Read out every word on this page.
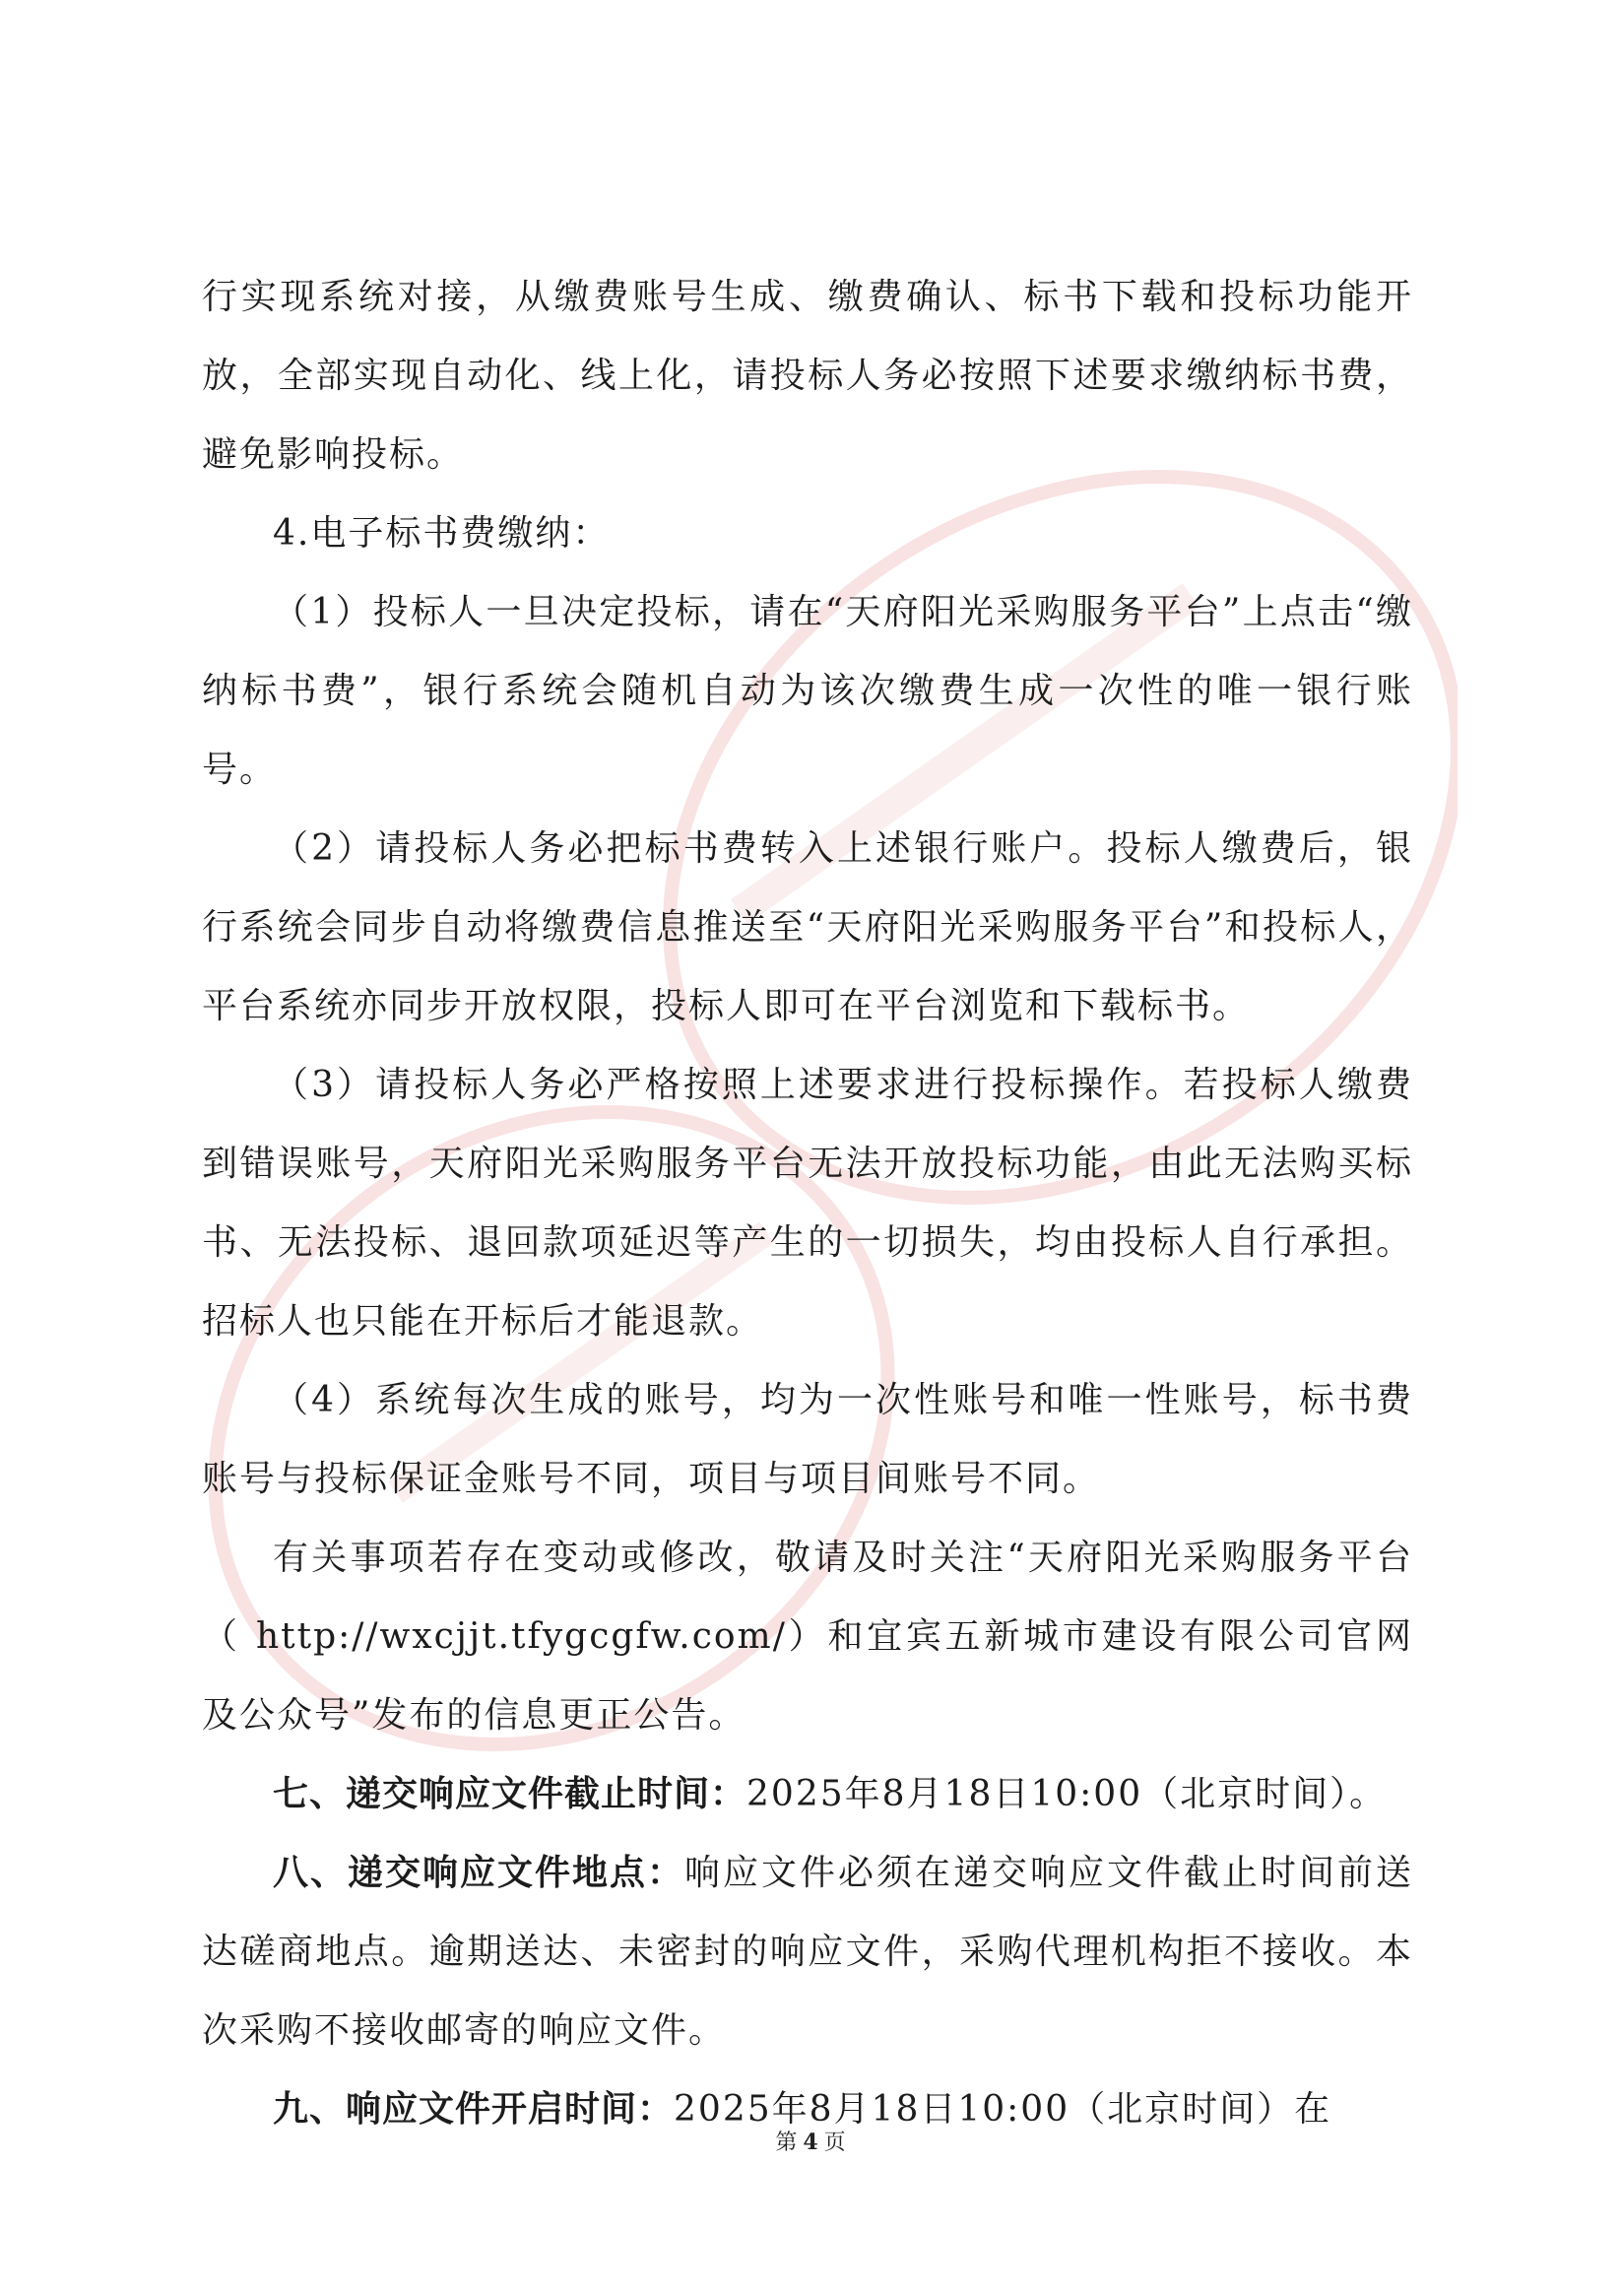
行实现系统对接，从缴费账号生成、缴费确认、标书下载和投标功能开放，全部实现自动化、线上化，请投标人务必按照下述要求缴纳标书费，避免影响投标。

4.电子标书费缴纳：

（1）投标人一旦决定投标，请在“天府阳光采购服务平台”上点击“缴纳标书费”，银行系统会随机自动为该次缴费生成一次性的唯一银行账号。

（2）请投标人务必把标书费转入上述银行账户。投标人缴费后，银行系统会同步自动将缴费信息推送至“天府阳光采购服务平台”和投标人，平台系统亦同步开放权限，投标人即可在平台浏览和下载标书。

（3）请投标人务必严格按照上述要求进行投标操作。若投标人缴费到错误账号，天府阳光采购服务平台无法开放投标功能，由此无法购买标书、无法投标、退回款项延迟等产生的一切损失，均由投标人自行承担。招标人也只能在开标后才能退款。

（4）系统每次生成的账号，均为一次性账号和唯一性账号，标书费账号与投标保证金账号不同，项目与项目间账号不同。

有关事项若存在变动或修改，敬请及时关注“天府阳光采购服务平台（ http://wxcjjt.tfygcgfw.com/）和宜宾五新城市建设有限公司官网及公众号”发布的信息更正公告。

七、递交响应文件截止时间：2025年8月18日10:00（北京时间）。

八、递交响应文件地点：响应文件必须在递交响应文件截止时间前送达磋商地点。逾期送达、未密封的响应文件，采购代理机构拒不接收。本次采购不接收邮寄的响应文件。

九、响应文件开启时间：2025年8月18日10:00（北京时间）在

第 4 页
